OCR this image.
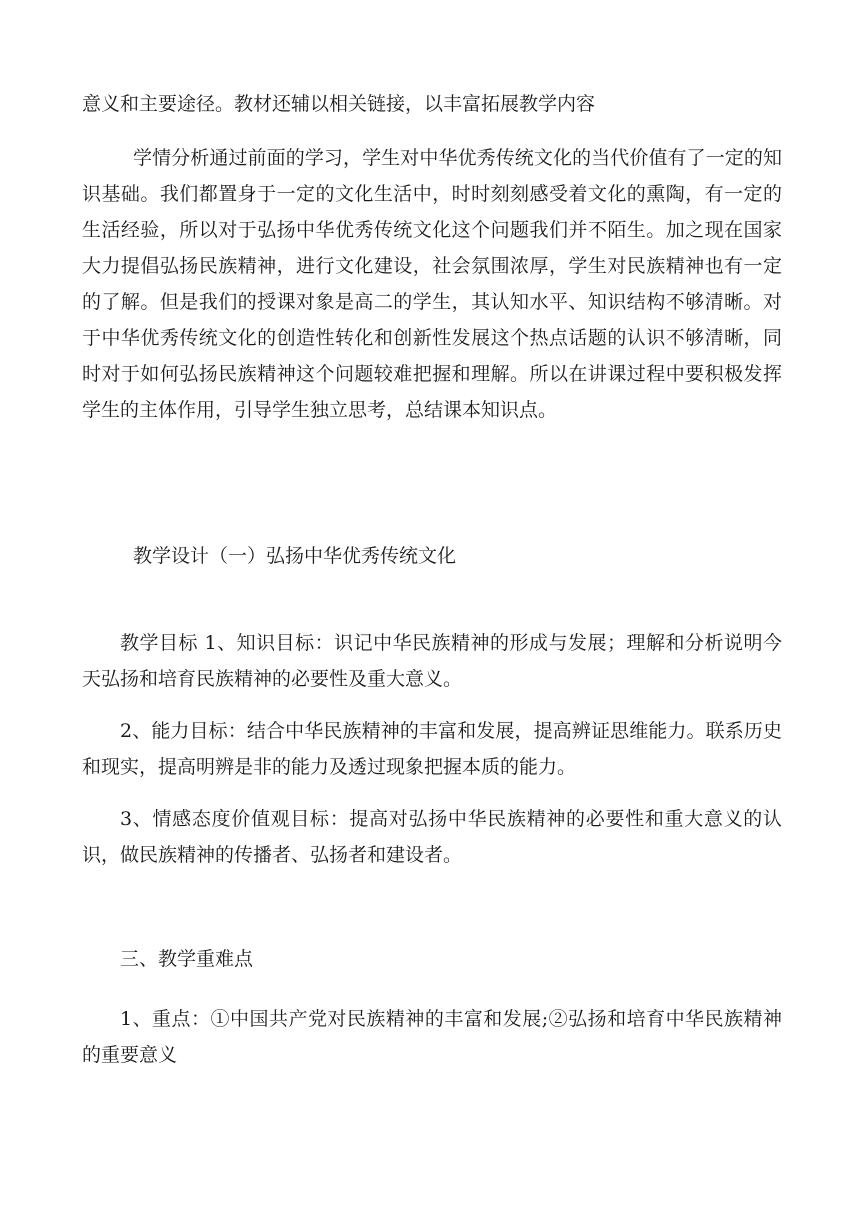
意义和主要途径。教材还辅以相关链接，以丰富拓展教学内容

学情分析通过前面的学习，学生对中华优秀传统文化的当代价值有了一定的知识基础。我们都置身于一定的文化生活中，时时刻刻感受着文化的熏陶，有一定的生活经验，所以对于弘扬中华优秀传统文化这个问题我们并不陌生。加之现在国家大力提倡弘扬民族精神，进行文化建设，社会氛围浓厚，学生对民族精神也有一定的了解。但是我们的授课对象是高二的学生，其认知水平、知识结构不够清晰。对于中华优秀传统文化的创造性转化和创新性发展这个热点话题的认识不够清晰，同时对于如何弘扬民族精神这个问题较难把握和理解。所以在讲课过程中要积极发挥学生的主体作用，引导学生独立思考，总结课本知识点。

教学设计（一）弘扬中华优秀传统文化

教学目标 1、知识目标：识记中华民族精神的形成与发展；理解和分析说明今天弘扬和培育民族精神的必要性及重大意义。

2、能力目标：结合中华民族精神的丰富和发展，提高辨证思维能力。联系历史和现实，提高明辨是非的能力及透过现象把握本质的能力。

3、情感态度价值观目标：提高对弘扬中华民族精神的必要性和重大意义的认识，做民族精神的传播者、弘扬者和建设者。

三、教学重难点

1、重点：①中国共产党对民族精神的丰富和发展;②弘扬和培育中华民族精神的重要意义
